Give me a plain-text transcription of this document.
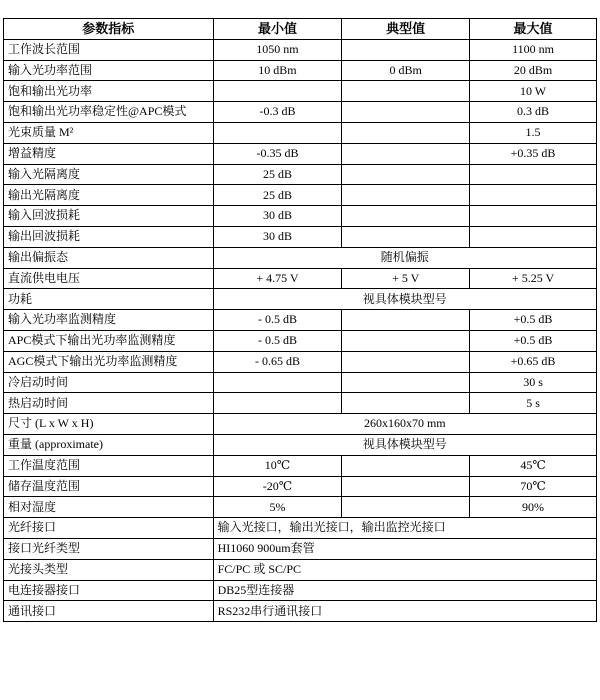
参数指标	最小值	典型值	最大值
工作波长范围	1050 nm		1100 nm
输入光功率范围	10 dBm	0 dBm	20 dBm
饱和输出光功率			10 W
饱和输出光功率稳定性@APC模式	-0.3 dB		0.3 dB
光束质量 M²			1.5
增益精度	-0.35 dB		+0.35 dB
输入光隔离度	25 dB		
输出光隔离度	25 dB		
输入回波损耗	30 dB		
输出回波损耗	30 dB		
输出偏振态	随机偏振		
直流供电电压	+ 4.75 V	+ 5 V	+ 5.25 V
功耗	视具体模块型号		
输入光功率监测精度	- 0.5 dB		+0.5 dB
APC模式下输出光功率监测精度	- 0.5 dB		+0.5 dB
AGC模式下输出光功率监测精度	- 0.65 dB		+0.65 dB
冷启动时间			30 s
热启动时间			5 s
尺寸 (L x W x H)	260x160x70 mm		
重量 (approximate)	视具体模块型号		
工作温度范围	10℃		45℃
储存温度范围	-20℃		70℃
相对湿度	5%		90%
光纤接口	输入光接口，输出光接口，输出监控光接口		
接口光纤类型	HI1060 900um套管		
光接头类型	FC/PC 或 SC/PC		
电连接器接口	DB25型连接器		
通讯接口	RS232串行通讯接口		
